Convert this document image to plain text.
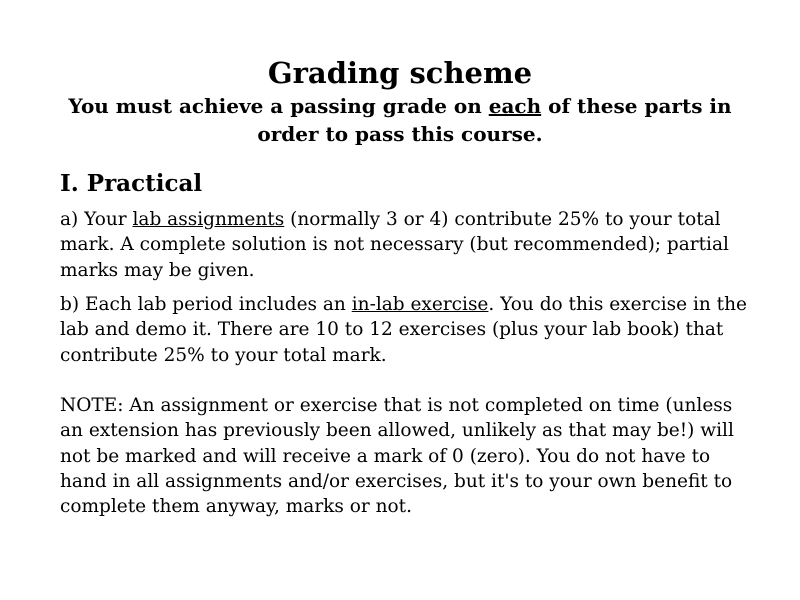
Grading scheme

You must achieve a passing grade on each of these parts in order to pass this course.

I. Practical

a) Your lab assignments (normally 3 or 4) contribute 25% to your total mark. A complete solution is not necessary (but recommended); partial marks may be given.

b) Each lab period includes an in-lab exercise. You do this exercise in the lab and demo it. There are 10 to 12 exercises (plus your lab book) that contribute 25% to your total mark.

NOTE: An assignment or exercise that is not completed on time (unless an extension has previously been allowed, unlikely as that may be!) will not be marked and will receive a mark of 0 (zero). You do not have to hand in all assignments and/or exercises, but it's to your own benefit to complete them anyway, marks or not.
